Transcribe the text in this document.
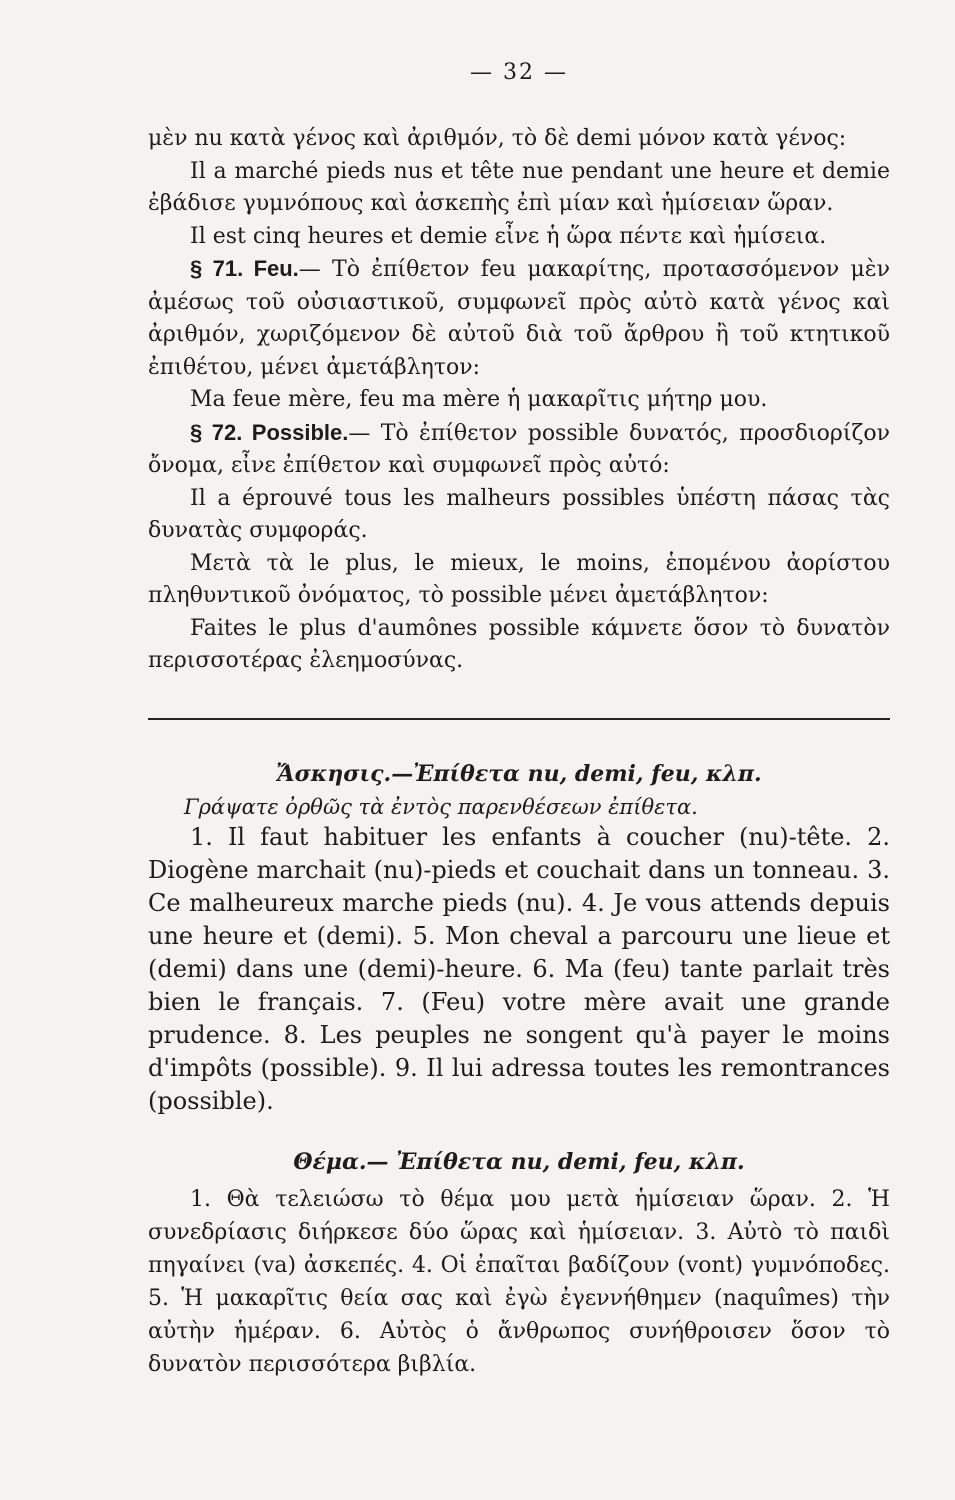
— 32 —

μὲν nu κατὰ γένος καὶ ἀριθμόν, τὸ δὲ demi μόνον κατὰ γένος:

Il a marché pieds nus et tête nue pendant une heure et demie ἐβάδισε γυμνόπους καὶ ἀσκεπὴς ἐπὶ μίαν καὶ ἡμίσειαν ὥραν.

Il est cinq heures et demie εἶνε ἡ ὥρα πέντε καὶ ἡμίσεια.

§ 71. Feu.— Τὸ ἐπίθετον feu μακαρίτης, προτασσόμενον μὲν ἀμέσως τοῦ οὐσιαστικοῦ, συμφωνεῖ πρὸς αὐτὸ κατὰ γένος καὶ ἀριθμόν, χωριζόμενον δὲ αὐτοῦ διὰ τοῦ ἄρθρου ἢ τοῦ κτητικοῦ ἐπιθέτου, μένει ἀμετάβλητον:

Ma feue mère, feu ma mère ἡ μακαρῖτις μήτηρ μου.

§ 72. Possible.— Τὸ ἐπίθετον possible δυνατός, προσδιορίζον ὄνομα, εἶνε ἐπίθετον καὶ συμφωνεῖ πρὸς αὐτό:

Il a éprouvé tous les malheurs possibles ὑπέστη πάσας τὰς δυνατὰς συμφοράς.

Μετὰ τὰ le plus, le mieux, le moins, ἑπομένου ἀορίστου πληθυντικοῦ ὀνόματος, τὸ possible μένει ἀμετάβλητον:

Faites le plus d'aumônes possible κάμνετε ὅσον τὸ δυνατὸν περισσοτέρας ἐλεημοσύνας.

Ἄσκησις.—Ἐπίθετα nu, demi, feu, κλπ.
Γράψατε ὀρθῶς τὰ ἐντὸς παρενθέσεων ἐπίθετα.

1. Il faut habituer les enfants à coucher (nu)-tête. 2. Diogène marchait (nu)-pieds et couchait dans un tonneau. 3. Ce malheureux marche pieds (nu). 4. Je vous attends depuis une heure et (demi). 5. Mon cheval a parcouru une lieue et (demi) dans une (demi)-heure. 6. Ma (feu) tante parlait très bien le français. 7. (Feu) votre mère avait une grande prudence. 8. Les peuples ne songent qu'à payer le moins d'impôts (possible). 9. Il lui adressa toutes les remontrances (possible).

Θέμα.— Ἐπίθετα nu, demi, feu, κλπ.

1. Θὰ τελειώσω τὸ θέμα μου μετὰ ἡμίσειαν ὥραν. 2. Ἡ συνεδρίασις διήρκεσε δύο ὥρας καὶ ἡμίσειαν. 3. Αὐτὸ τὸ παιδὶ πηγαίνει (va) ἀσκεπές. 4. Οἱ ἐπαῖται βαδίζουν (vont) γυμνόποδες. 5. Ἡ μακαρῖτις θεία σας καὶ ἐγὼ ἐγεννήθημεν (naquîmes) τὴν αὐτὴν ἡμέραν. 6. Αὐτὸς ὁ ἄνθρωπος συνήθροισεν ὅσον τὸ δυνατὸν περισσότερα βιβλία.
